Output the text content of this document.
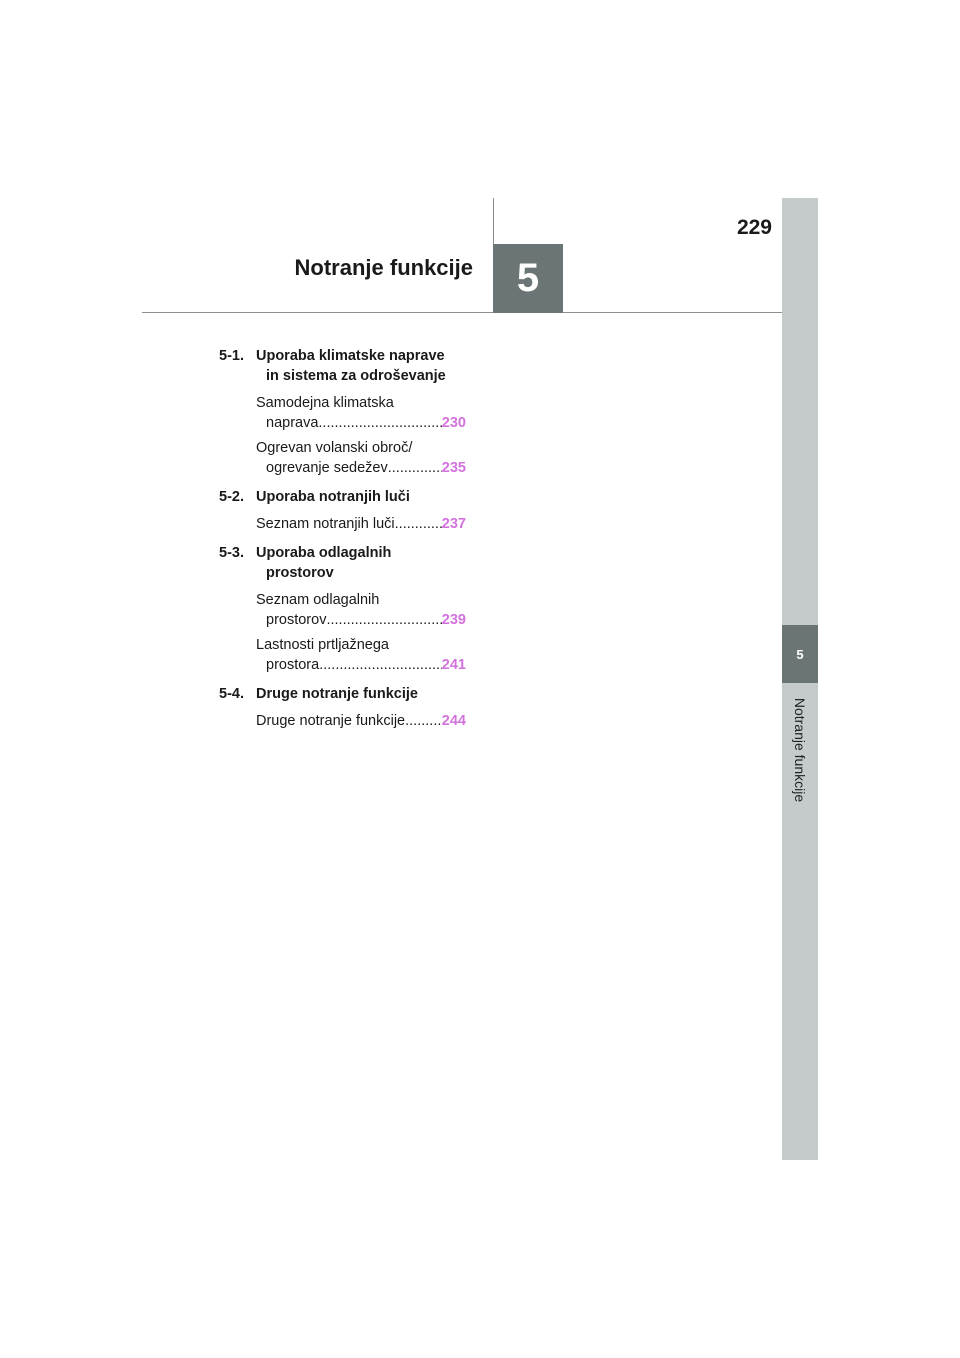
5
Notranje funkcije
5
Notranje funkcije
229
5-1. Uporaba klimatske naprave
in sistema za odroševanje
Samodejna klimatska
naprava .....	230
Ogrevan volanski obroč/
ogrevanje sedežev .....	235
5-2. Uporaba notranjih luči
Seznam notranjih luči .....	237
5-3. Uporaba odlagalnih
prostorov
Seznam odlagalnih
prostorov .....	239
Lastnosti prtljažnega
prostora .....	241
5-4. Druge notranje funkcije
Druge notranje funkcije .....	244
